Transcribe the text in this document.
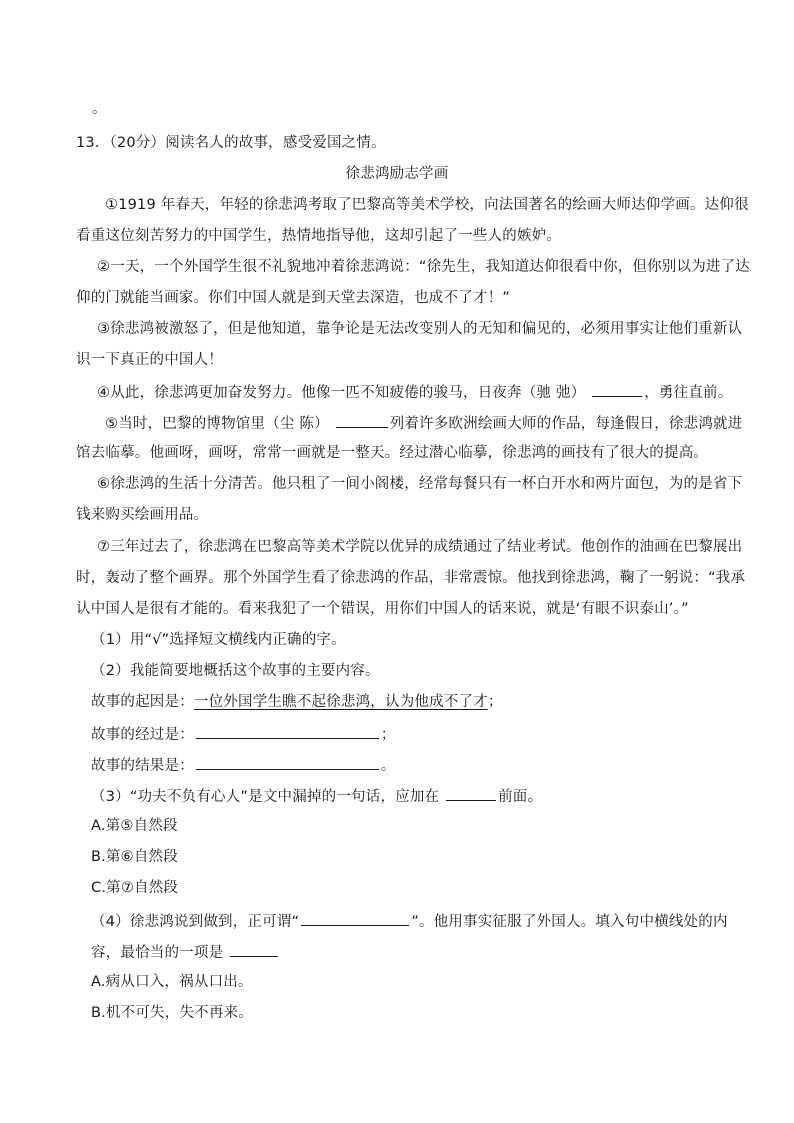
。
13．（20分）阅读名人的故事，感受爱国之情。
徐悲鸿励志学画
①1919 年春天，年轻的徐悲鸿考取了巴黎高等美术学校，向法国著名的绘画大师达仰学画。达仰很
看重这位刻苦努力的中国学生，热情地指导他，这却引起了一些人的嫉妒。
②一天，一个外国学生很不礼貌地冲着徐悲鸿说：“徐先生，我知道达仰很看中你，但你别以为进了达
仰的门就能当画家。你们中国人就是到天堂去深造，也成不了才！”
③徐悲鸿被激怒了，但是他知道，靠争论是无法改变别人的无知和偏见的，必须用事实让他们重新认
识一下真正的中国人！
④从此，徐悲鸿更加奋发努力。他像一匹不知疲倦的骏马，日夜奔（驰 弛）	，勇往直前。
⑤当时，巴黎的博物馆里（尘 陈）	列着许多欧洲绘画大师的作品，每逢假日，徐悲鸿就进
馆去临摹。他画呀，画呀，常常一画就是一整天。经过潜心临摹，徐悲鸿的画技有了很大的提高。
⑥徐悲鸿的生活十分清苦。他只租了一间小阁楼，经常每餐只有一杯白开水和两片面包，为的是省下
钱来购买绘画用品。
⑦三年过去了，徐悲鸿在巴黎高等美术学院以优异的成绩通过了结业考试。他创作的油画在巴黎展出
时，轰动了整个画界。那个外国学生看了徐悲鸿的作品，非常震惊。他找到徐悲鸿，鞠了一躬说：“我承
认中国人是很有才能的。看来我犯了一个错误，用你们中国人的话来说，就是‘有眼不识泰山’。”
（1）用“√”选择短文横线内正确的字。
（2）我能简要地概括这个故事的主要内容。
故事的起因是：一位外国学生瞧不起徐悲鸿，认为他成不了才；
故事的经过是：	；
故事的结果是：	。
（3）“功夫不负有心人”是文中漏掉的一句话，应加在	前面。
A.第⑤自然段
B.第⑥自然段
C.第⑦自然段
（4）徐悲鸿说到做到，正可谓“	”。他用事实征服了外国人。填入句中横线处的内
容，最恰当的一项是
A.病从口入，祸从口出。
B.机不可失，失不再来。
